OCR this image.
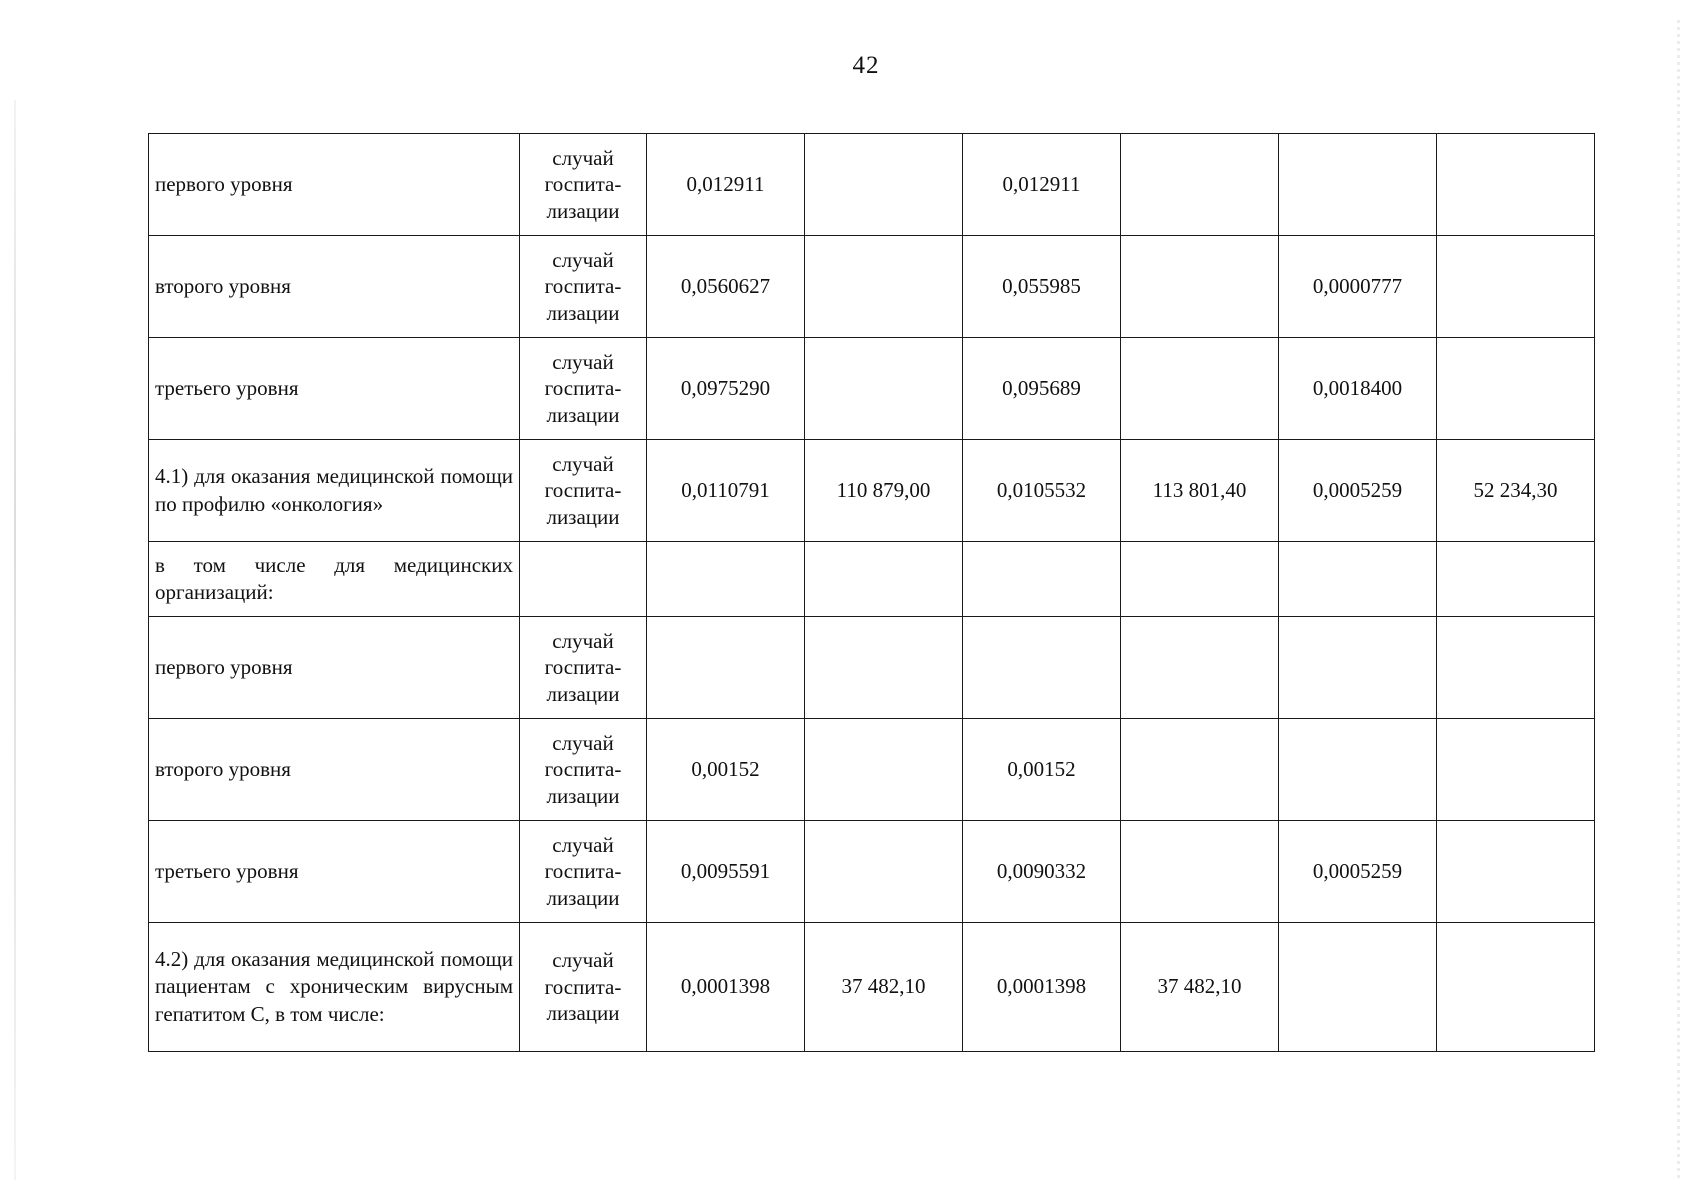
42
первого уровня	случай госпита-лизации	0,012911		0,012911			
второго уровня	случай госпита-лизации	0,0560627		0,055985		0,0000777	
третьего уровня	случай госпита-лизации	0,0975290		0,095689		0,0018400	
4.1) для оказания медицинской помощи по профилю «онкология»	случай госпита-лизации	0,0110791	110 879,00	0,0105532	113 801,40	0,0005259	52 234,30
в том числе для медицинских организаций:							
первого уровня	случай госпита-лизации						
второго уровня	случай госпита-лизации	0,00152		0,00152			
третьего уровня	случай госпита-лизации	0,0095591		0,0090332		0,0005259	
4.2) для оказания медицинской помощи пациентам с хроническим вирусным гепатитом С, в том числе:	случай госпита-лизации	0,0001398	37 482,10	0,0001398	37 482,10		
